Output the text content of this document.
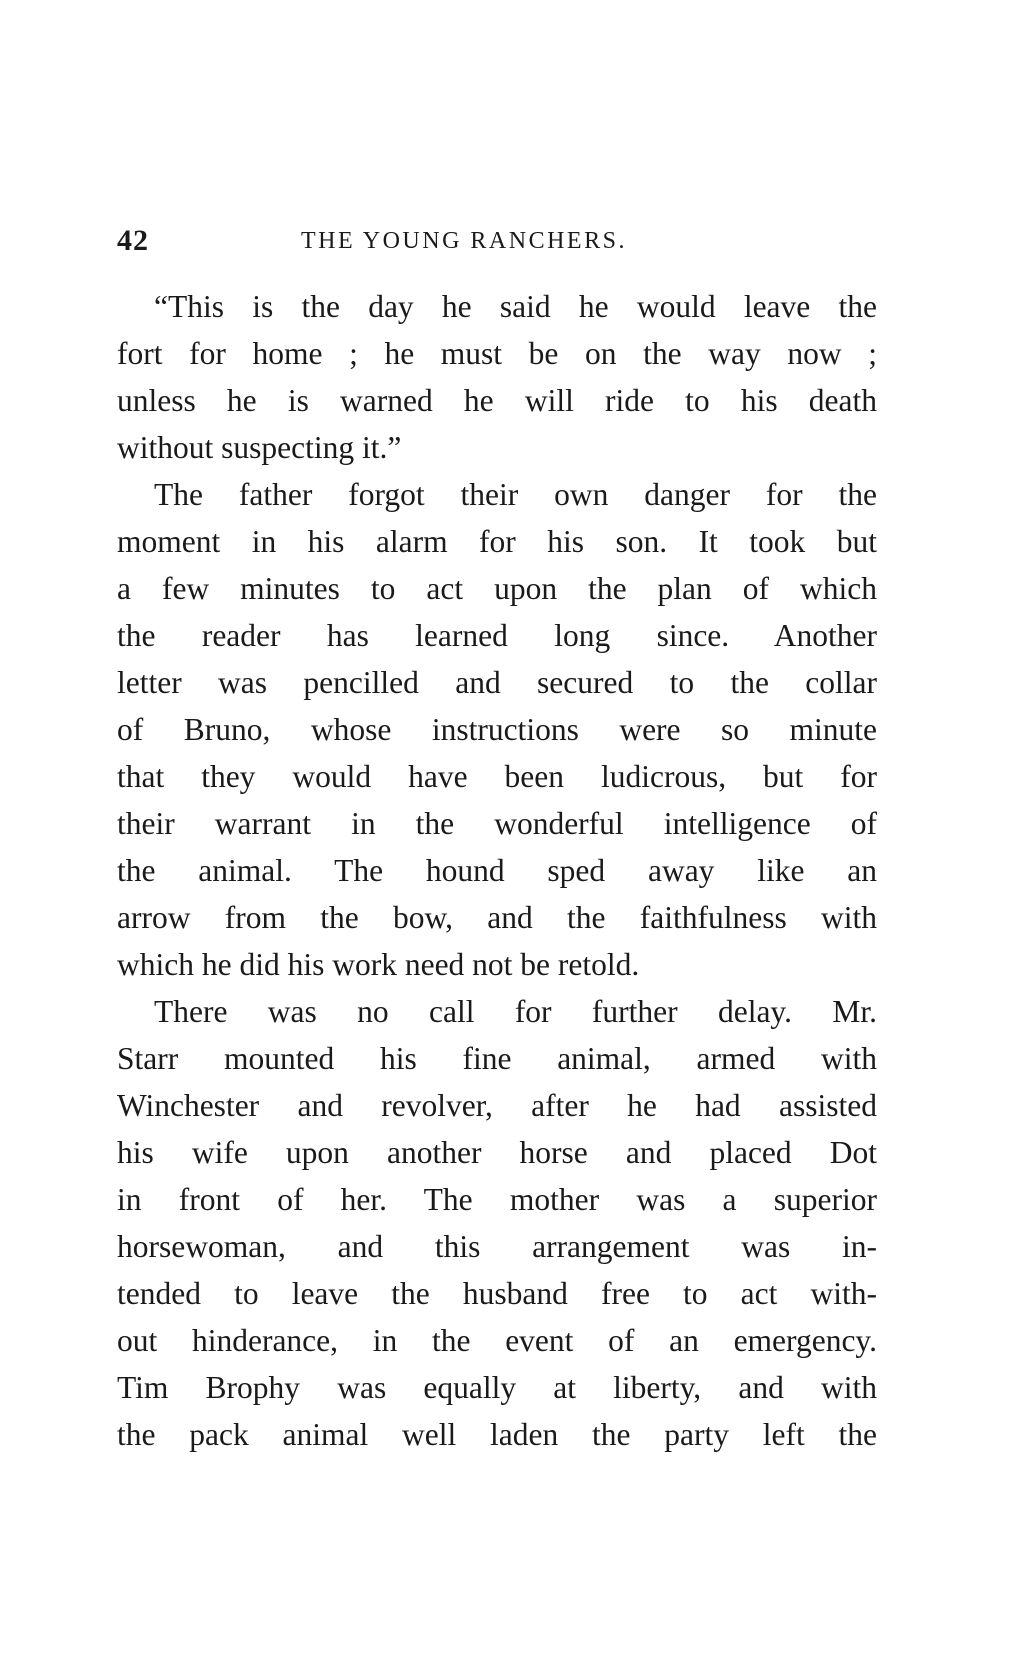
42	THE YOUNG RANCHERS.
“This is the day he said he would leave the
fort for home ; he must be on the way now ;
unless he is warned he will ride to his death
without suspecting it.”
The father forgot their own danger for the
moment in his alarm for his son. It took but
a few minutes to act upon the plan of which
the reader has learned long since. Another
letter was pencilled and secured to the collar
of Bruno, whose instructions were so minute
that they would have been ludicrous, but for
their warrant in the wonderful intelligence of
the animal. The hound sped away like an
arrow from the bow, and the faithfulness with
which he did his work need not be retold.
There was no call for further delay. Mr.
Starr mounted his fine animal, armed with
Winchester and revolver, after he had assisted
his wife upon another horse and placed Dot
in front of her. The mother was a superior
horsewoman, and this arrangement was in-
tended to leave the husband free to act with-
out hinderance, in the event of an emergency.
Tim Brophy was equally at liberty, and with
the pack animal well laden the party left the
